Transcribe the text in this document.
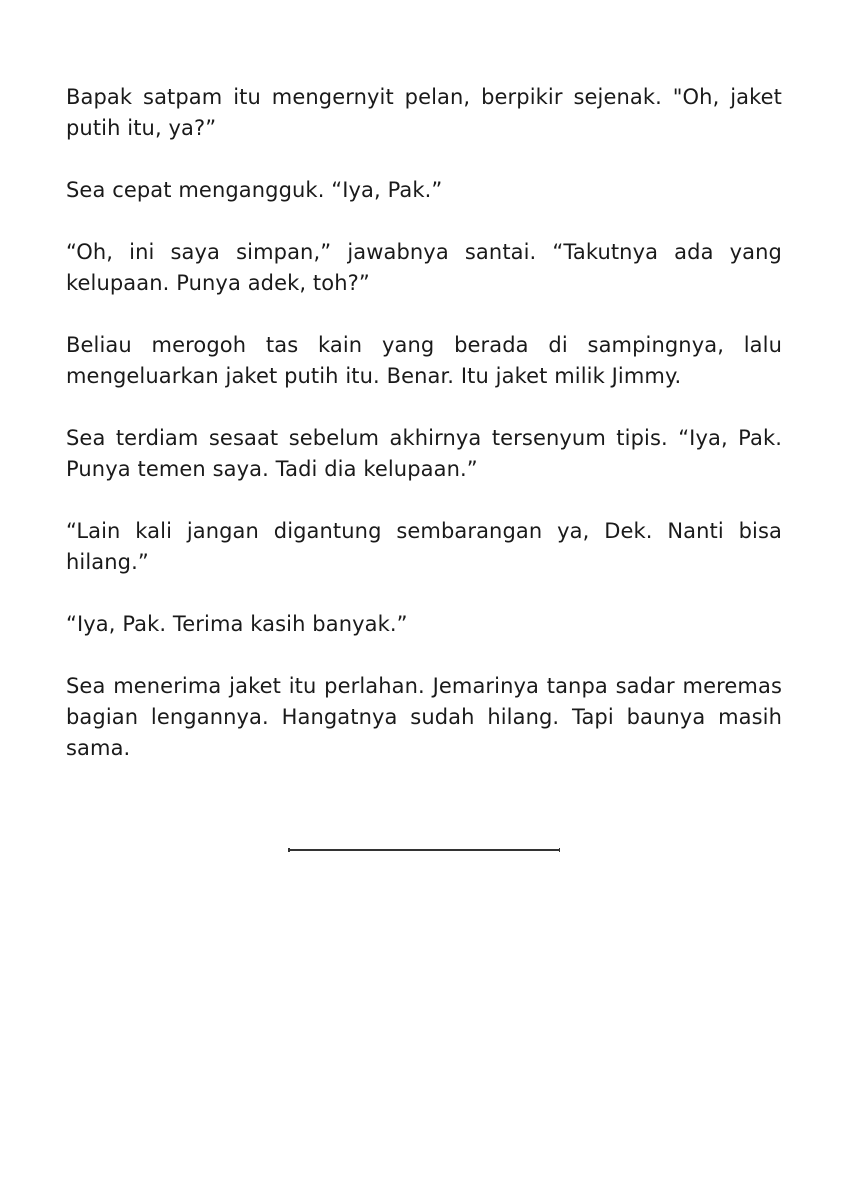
Bapak satpam itu mengernyit pelan, berpikir sejenak. "Oh, jaket putih itu, ya?”

Sea cepat mengangguk. “Iya, Pak.”

“Oh, ini saya simpan,” jawabnya santai. “Takutnya ada yang kelupaan. Punya adek, toh?”

Beliau merogoh tas kain yang berada di sampingnya, lalu mengeluarkan jaket putih itu. Benar. Itu jaket milik Jimmy.

Sea terdiam sesaat sebelum akhirnya tersenyum tipis. “Iya, Pak. Punya temen saya. Tadi dia kelupaan.”

“Lain kali jangan digantung sembarangan ya, Dek. Nanti bisa hilang.”

“Iya, Pak. Terima kasih banyak.”

Sea menerima jaket itu perlahan. Jemarinya tanpa sadar meremas bagian lengannya. Hangatnya sudah hilang. Tapi baunya masih sama.
